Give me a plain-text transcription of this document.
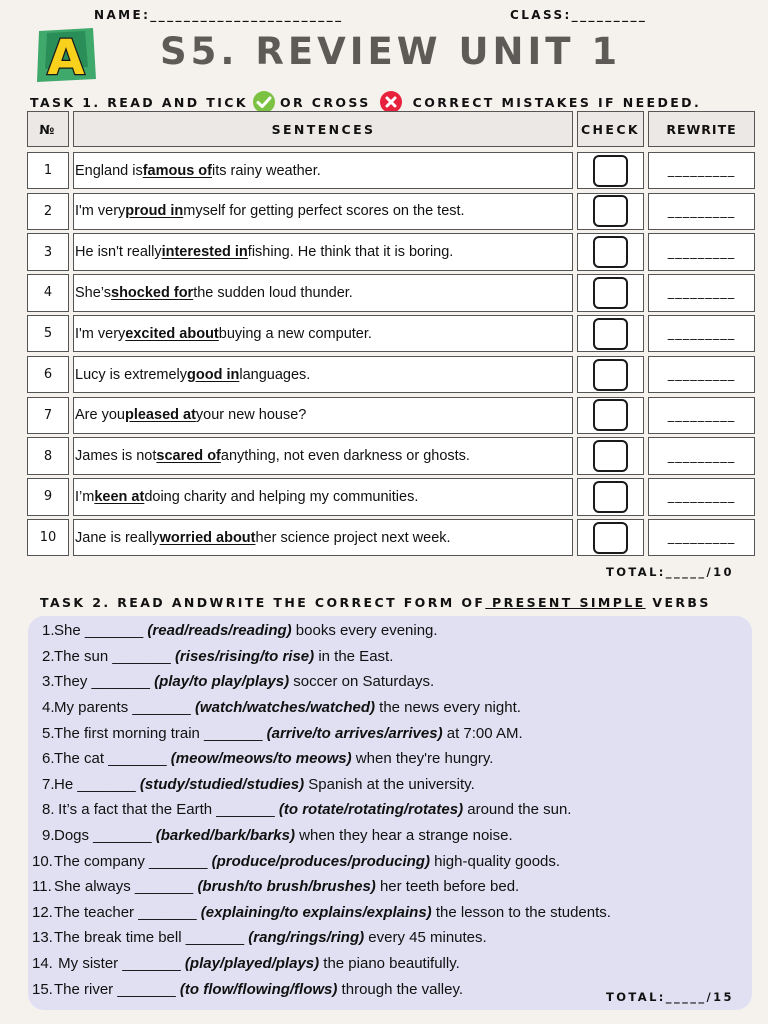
NAME:_______________________	CLASS:_________
A S5. REVIEW UNIT 1
TASK 1. READ AND TICK	OR CROSS	CORRECT MISTAKES IF NEEDED.
№	SENTENCES	CHECK	REWRITE
1	England is famous of its rainy weather.	_________
2	I'm very proud in myself for getting perfect scores on the test.	_________
3	He isn't really interested in fishing. He think that it is boring.	_________
4	She’s shocked for the sudden loud thunder.	_________
5	I'm very excited about buying a new computer.	_________
6	Lucy is extremely good in languages.	_________
7	Are you pleased at your new house?	_________
8	James is not scared of anything, not even darkness or ghosts.	_________
9	I’m keen at doing charity and helping my communities.	_________
10	Jane is really worried about her science project next week.	_________
TOTAL:_____/10
TASK 2. READ ANDWRITE THE CORRECT FORM OF PRESENT SIMPLE VERBS
1. She _______ (read/reads/reading) books every evening.
2. The sun _______ (rises/rising/to rise) in the East.
3. They _______ (play/to play/plays) soccer on Saturdays.
4. My parents _______ (watch/watches/watched) the news every night.
5. The first morning train _______ (arrive/to arrives/arrives) at 7:00 AM.
6. The cat _______ (meow/meows/to meows) when they're hungry.
7. He _______ (study/studied/studies) Spanish at the university.
8. It’s a fact that the Earth _______ (to rotate/rotating/rotates) around the sun.
9. Dogs _______ (barked/bark/barks) when they hear a strange noise.
10. The company _______ (produce/produces/producing) high-quality goods.
11. She always _______ (brush/to brush/brushes) her teeth before bed.
12. The teacher _______ (explaining/to explains/explains) the lesson to the students.
13. The break time bell _______ (rang/rings/ring) every 45 minutes.
14. My sister _______ (play/played/plays) the piano beautifully.
15. The river _______ (to flow/flowing/flows) through the valley.	TOTAL:_____/15
